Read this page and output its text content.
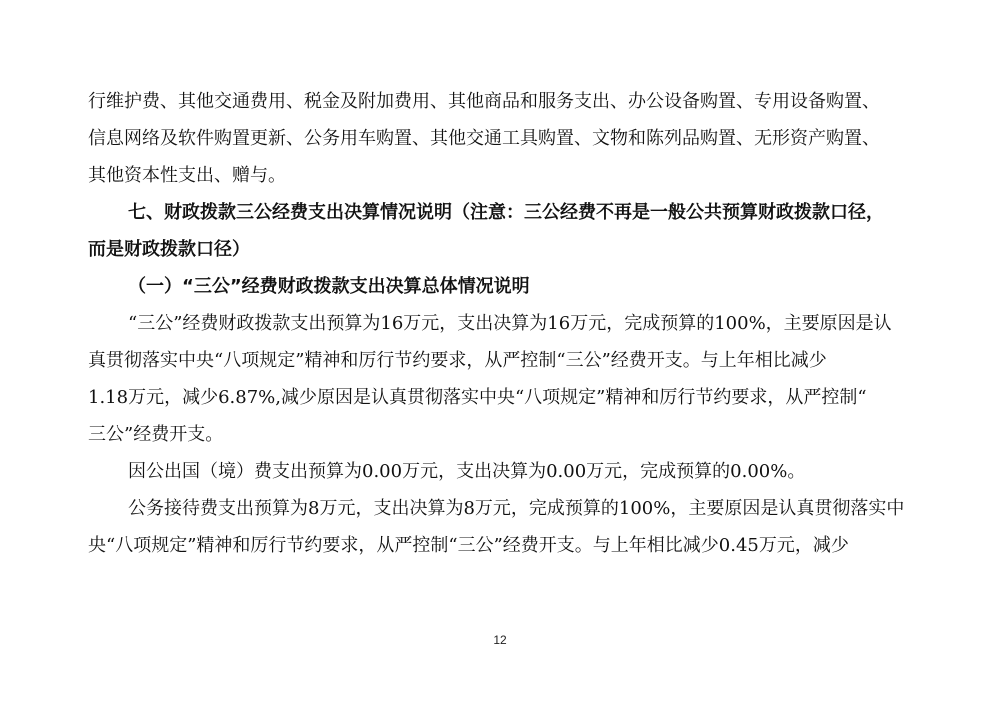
行维护费、其他交通费用、税金及附加费用、其他商品和服务支出、办公设备购置、专用设备购置、
信息网络及软件购置更新、公务用车购置、其他交通工具购置、文物和陈列品购置、无形资产购置、
其他资本性支出、赠与。
七、财政拨款三公经费支出决算情况说明（注意：三公经费不再是一般公共预算财政拨款口径，
而是财政拨款口径）
（一）“三公”经费财政拨款支出决算总体情况说明
“三公”经费财政拨款支出预算为16万元，支出决算为16万元，完成预算的100%，主要原因是认
真贯彻落实中央“八项规定”精神和厉行节约要求，从严控制“三公”经费开支。与上年相比减少
1.18万元，减少6.87%,减少原因是认真贯彻落实中央“八项规定”精神和厉行节约要求，从严控制“
三公”经费开支。
因公出国（境）费支出预算为0.00万元，支出决算为0.00万元，完成预算的0.00%。
公务接待费支出预算为8万元，支出决算为8万元，完成预算的100%，主要原因是认真贯彻落实中
央“八项规定”精神和厉行节约要求，从严控制“三公”经费开支。与上年相比减少0.45万元，减少
12
